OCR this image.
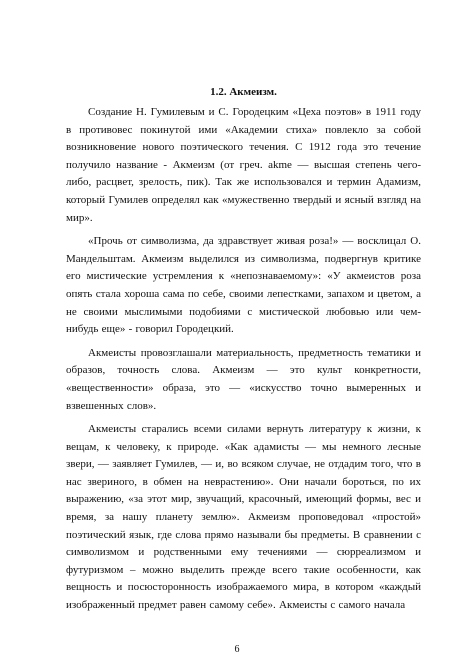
1.2. Акмеизм.

Создание Н. Гумилевым и С. Городецким «Цеха поэтов» в 1911 году в противовес покинутой ими «Академии стиха» повлекло за собой возникновение нового поэтического течения. С 1912 года это течение получило название - Акмеизм (от греч. akme — высшая степень чего-либо, расцвет, зрелость, пик). Так же использовался и термин Адамизм, который Гумилев определял как «мужественно твердый и ясный взгляд на мир».

«Прочь от символизма, да здравствует живая роза!» — восклицал О. Мандельштам. Акмеизм выделился из символизма, подвергнув критике его мистические устремления к «непознаваемому»: «У акмеистов роза опять стала хороша сама по себе, своими лепестками, запахом и цветом, а не своими мыслимыми подобиями с мистической любовью или чем-нибудь еще» - говорил Городецкий.

Акмеисты провозглашали материальность, предметность тематики и образов, точность слова. Акмеизм — это культ конкретности, «вещественности» образа, это — «искусство точно вымеренных и взвешенных слов».

Акмеисты старались всеми силами вернуть литературу к жизни, к вещам, к человеку, к природе. «Как адамисты — мы немного лесные звери, — заявляет Гумилев, — и, во всяком случае, не отдадим того, что в нас звериного, в обмен на неврастению». Они начали бороться, по их выражению, «за этот мир, звучащий, красочный, имеющий формы, вес и время, за нашу планету землю». Акмеизм проповедовал «простой» поэтический язык, где слова прямо называли бы предметы. В сравнении с символизмом и родственными ему течениями — сюрреализмом и футуризмом – можно выделить прежде всего такие особенности, как вещность и посюсторонность изображаемого мира, в котором «каждый изображенный предмет равен самому себе». Акмеисты с самого начала

6
